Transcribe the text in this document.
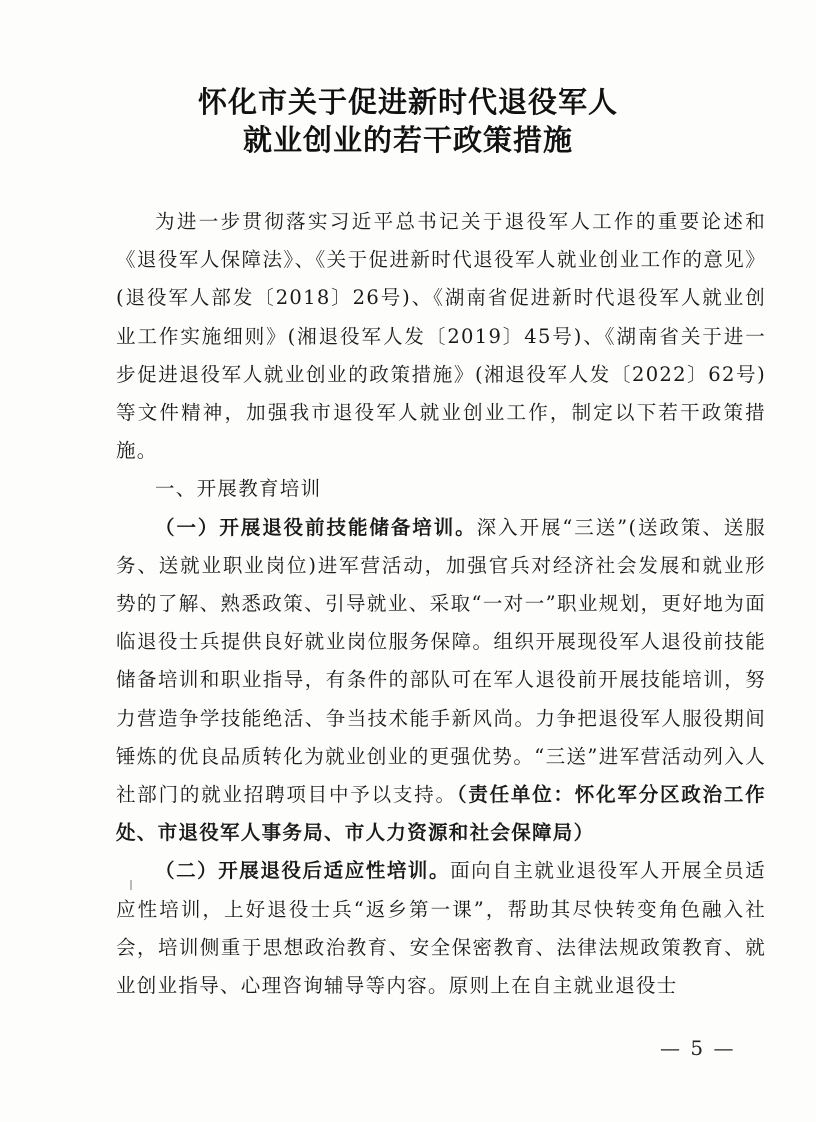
怀化市关于促进新时代退役军人
就业创业的若干政策措施

为进一步贯彻落实习近平总书记关于退役军人工作的重要论述和《退役军人保障法》、《关于促进新时代退役军人就业创业工作的意见》(退役军人部发〔2018〕26号)、《湖南省促进新时代退役军人就业创业工作实施细则》(湘退役军人发〔2019〕45号)、《湖南省关于进一步促进退役军人就业创业的政策措施》(湘退役军人发〔2022〕62号)等文件精神，加强我市退役军人就业创业工作，制定以下若干政策措施。

一、开展教育培训

（一）开展退役前技能储备培训。深入开展“三送”(送政策、送服务、送就业职业岗位)进军营活动，加强官兵对经济社会发展和就业形势的了解、熟悉政策、引导就业、采取“一对一”职业规划，更好地为面临退役士兵提供良好就业岗位服务保障。组织开展现役军人退役前技能储备培训和职业指导，有条件的部队可在军人退役前开展技能培训，努力营造争学技能绝活、争当技术能手新风尚。力争把退役军人服役期间锤炼的优良品质转化为就业创业的更强优势。“三送”进军营活动列入人社部门的就业招聘项目中予以支持。（责任单位：怀化军分区政治工作处、市退役军人事务局、市人力资源和社会保障局）

（二）开展退役后适应性培训。面向自主就业退役军人开展全员适应性培训，上好退役士兵“返乡第一课”，帮助其尽快转变角色融入社会，培训侧重于思想政治教育、安全保密教育、法律法规政策教育、就业创业指导、心理咨询辅导等内容。原则上在自主就业退役士

— 5 —
